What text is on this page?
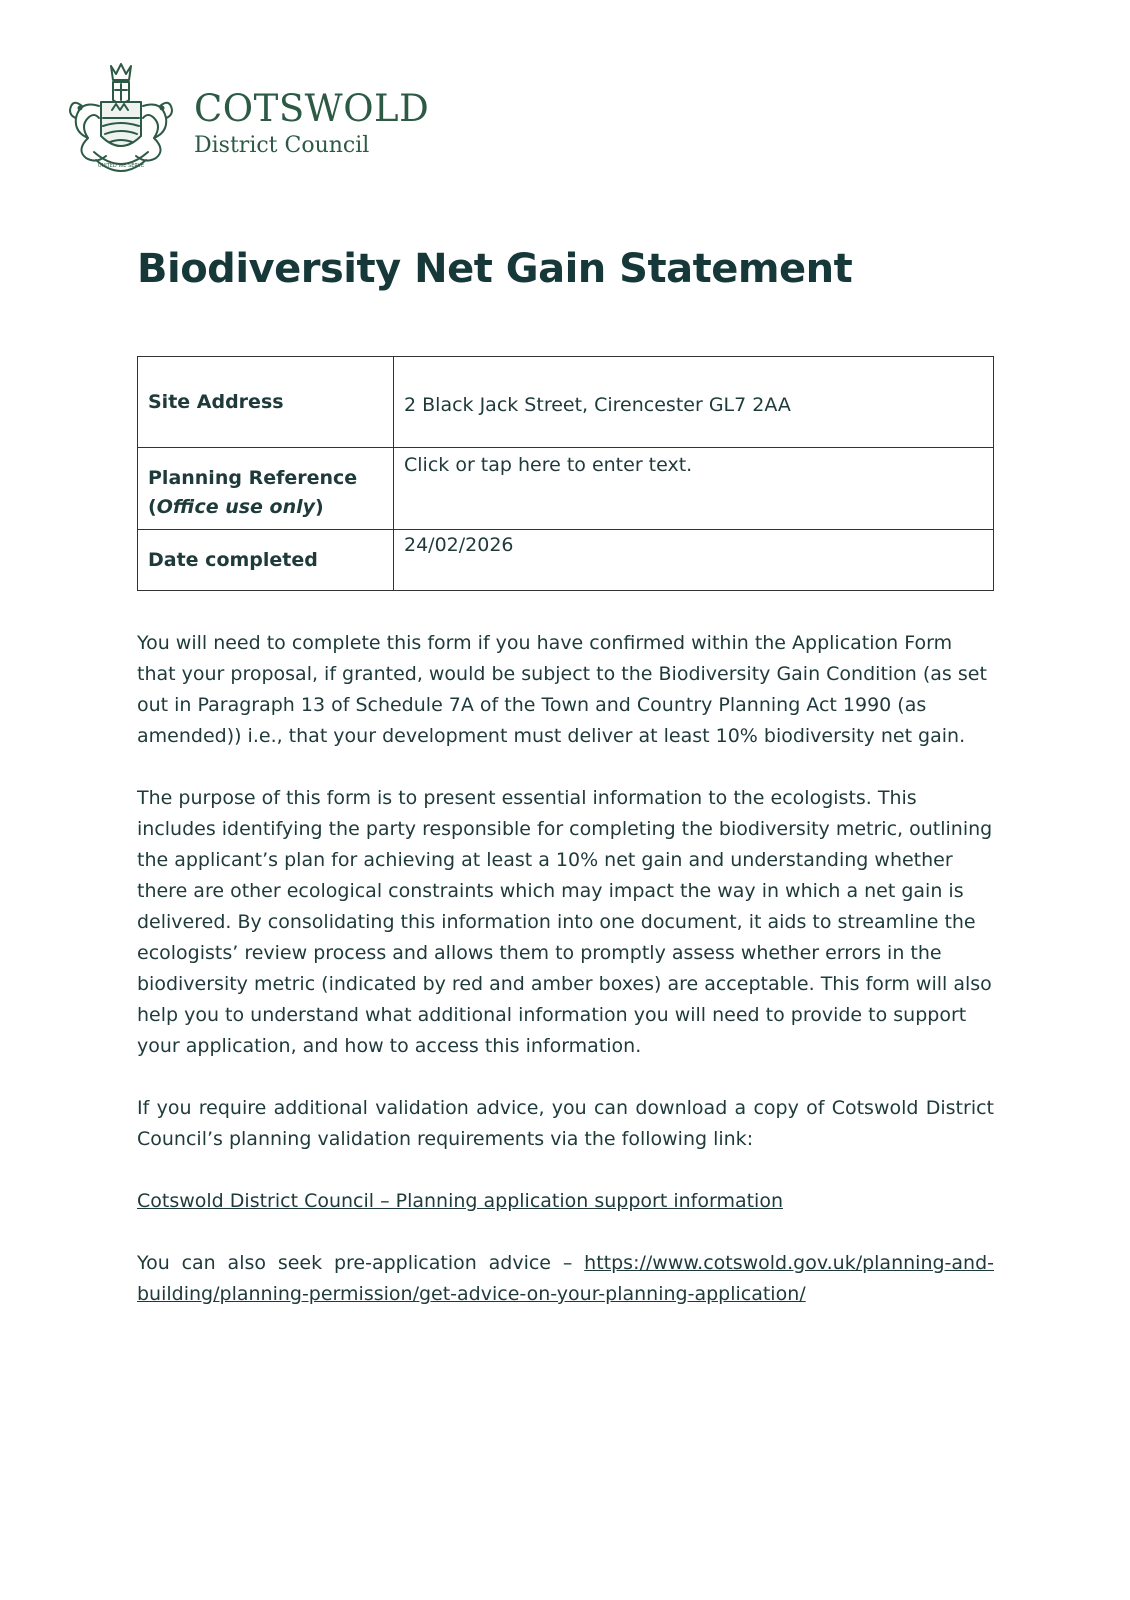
UNITED WE SERVE
COTSWOLD
District Council
Biodiversity Net Gain Statement
Site Address	2 Black Jack Street, Cirencester GL7 2AA
Planning Reference
(Office use only)	Click or tap here to enter text.
Date completed	24/02/2026

You will need to complete this form if you have confirmed within the Application Form that your proposal, if granted, would be subject to the Biodiversity Gain Condition (as set out in Paragraph 13 of Schedule 7A of the Town and Country Planning Act 1990 (as amended)) i.e., that your development must deliver at least 10% biodiversity net gain.

The purpose of this form is to present essential information to the ecologists. This includes identifying the party responsible for completing the biodiversity metric, outlining the applicant’s plan for achieving at least a 10% net gain and understanding whether there are other ecological constraints which may impact the way in which a net gain is delivered. By consolidating this information into one document, it aids to streamline the ecologists’ review process and allows them to promptly assess whether errors in the biodiversity metric (indicated by red and amber boxes) are acceptable. This form will also help you to understand what additional information you will need to provide to support your application, and how to access this information.

If you require additional validation advice, you can download a copy of Cotswold District Council’s planning validation requirements via the following link:

Cotswold District Council – Planning application support information

You can also seek pre-application advice – https://www.cotswold.gov.uk/planning-and-building/planning-permission/get-advice-on-your-planning-application/
